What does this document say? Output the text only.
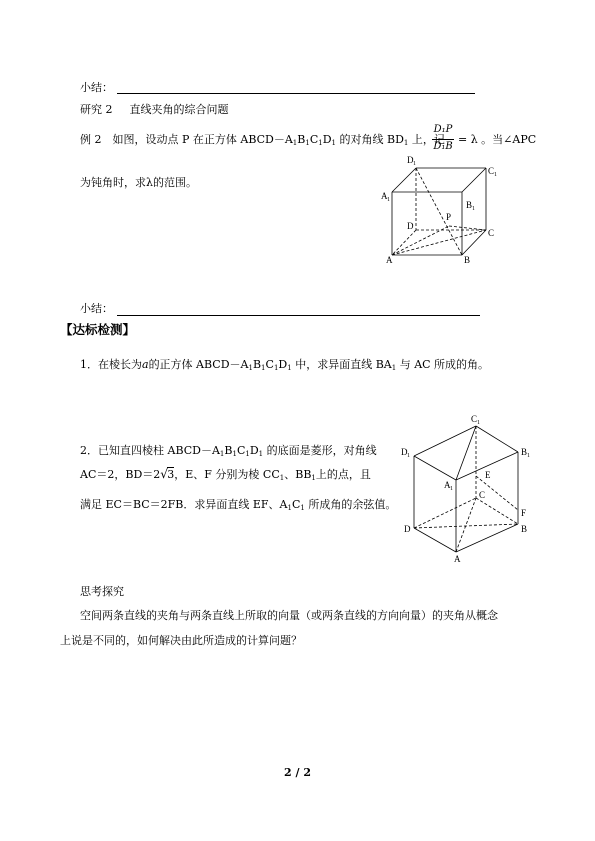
小结：
研究 2 直线夹角的综合问题
例 2　如图，设动点 P 在正方体 $ABCD-A_1B_1C_1D_1$ 的对角线 $BD_1$ 上，记
D₁P
D₁B
= λ 。当∠APC
为钝角时，求λ的范围。
D 1
C 1
A 1	B 1
P
D
C
A	B
小结：
【达标检测】
1．在棱长为a的正方体 $ABCD-A_1B_1C_1D_1$ 中，求异面直线 $BA_1$ 与 AC 所成的角。
2．已知直四棱柱 $ABCD-A_1B_1C_1D_1$ 的底面是菱形，对角线
AC＝2，BD＝2 √ 3，E、F 分别为棱 $CC_1$、$BB_1$上的点，且
满足 EC＝BC＝2FB．求异面直线 EF、$A_1C_1$ 所成角的余弦值。
C 1
D 1	B 1
A 1
E
C
F
D	B
A
思考探究
空间两条直线的夹角与两条直线上所取的向量（或两条直线的方向向量）的夹角从概念
上说是不同的，如何解决由此所造成的计算问题？
2 / 2
